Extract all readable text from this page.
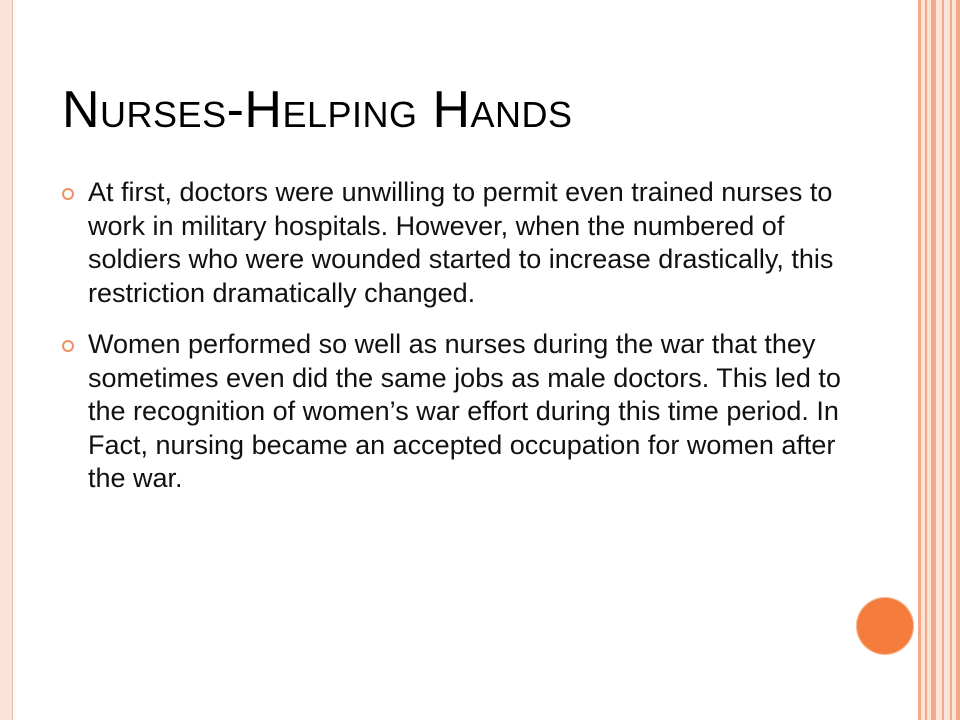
Nurses-Helping Hands
At first, doctors were unwilling to permit even trained nurses to work in military hospitals. However, when the numbered of soldiers who were wounded started to increase drastically, this restriction dramatically changed.
Women performed so well as nurses during the war that they sometimes even did the same jobs as male doctors. This led to the recognition of women’s war effort during this time period. In Fact, nursing became an accepted occupation for women after the war.
